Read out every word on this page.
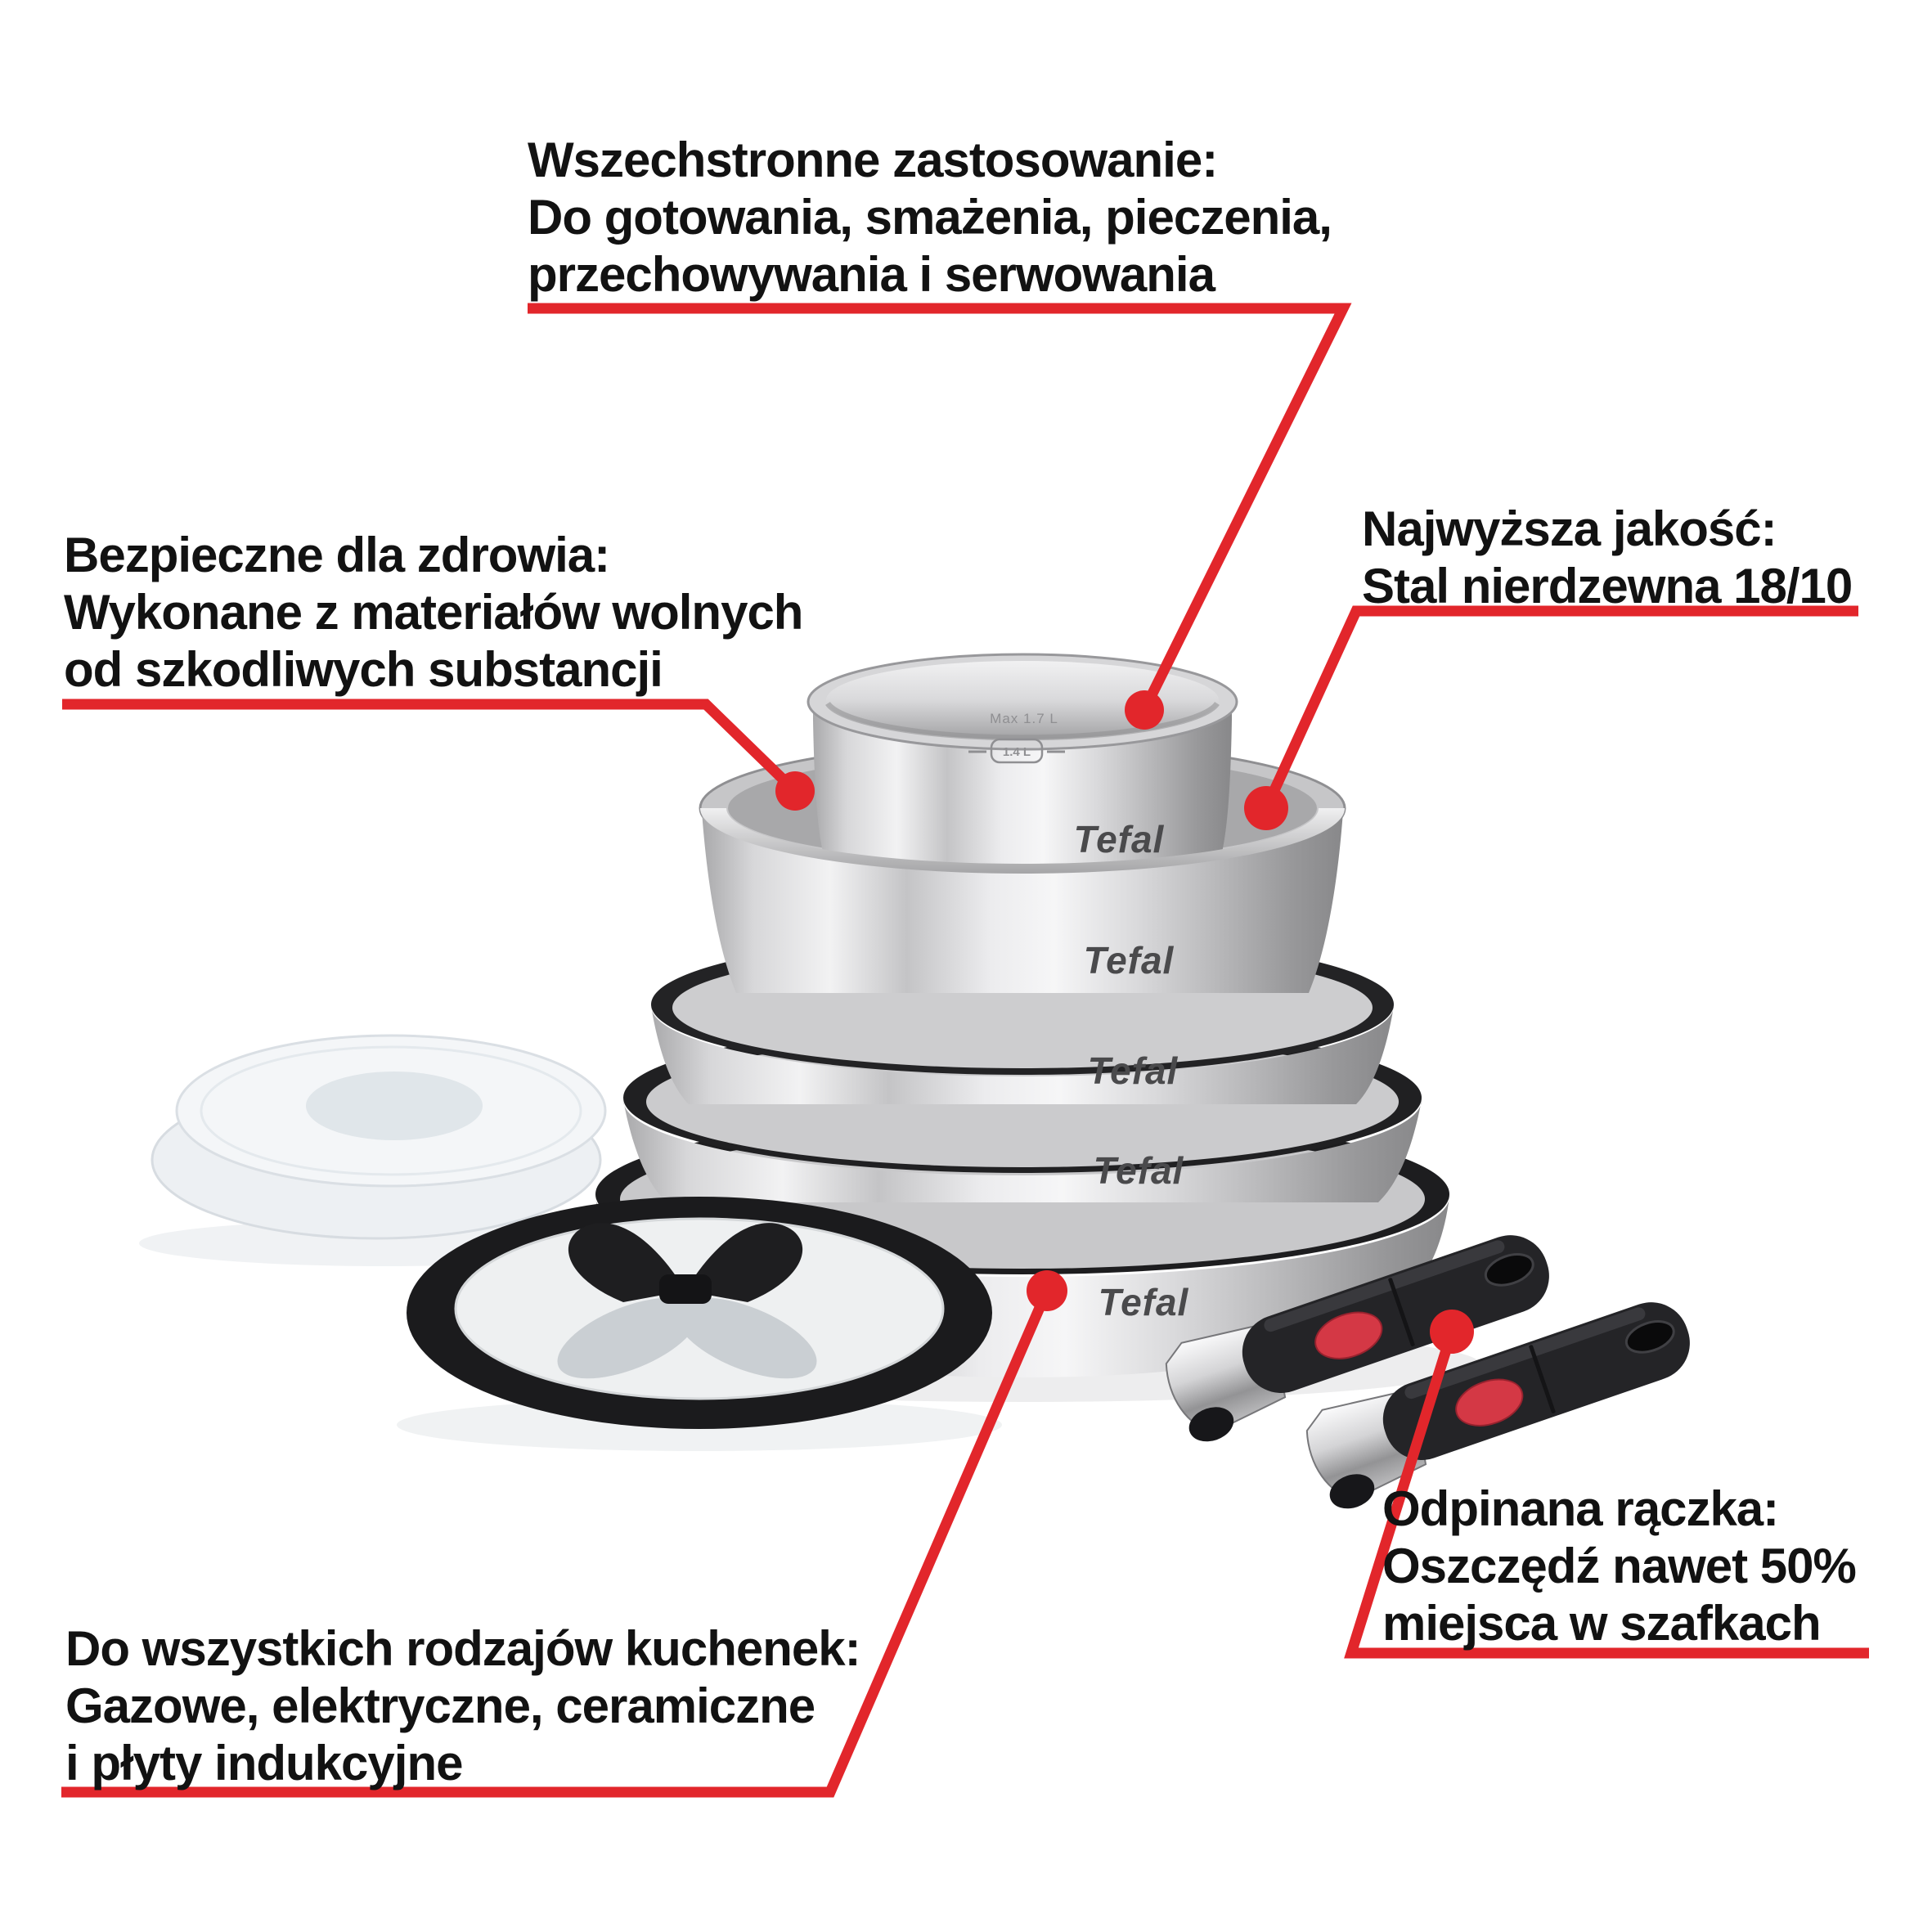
Max 1.7 L
1.4 L
Tefal
Tefal
Tefal
Tefal
Tefal
Wszechstronne zastosowanie:
Do gotowania, smażenia, pieczenia,
przechowywania i serwowania
Bezpieczne dla zdrowia:
Wykonane z materiałów wolnych
od szkodliwych substancji
Najwyższa jakość:
Stal nierdzewna 18/10
Odpinana rączka:
Oszczędź nawet 50%
miejsca w szafkach
Do wszystkich rodzajów kuchenek:
Gazowe, elektryczne, ceramiczne
i płyty indukcyjne
